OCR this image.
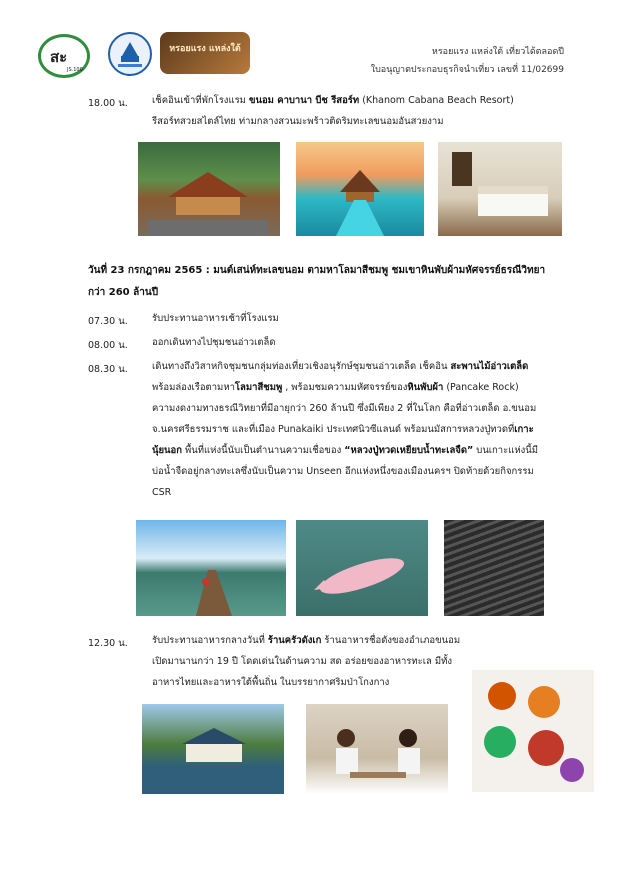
สะ
JS.100
หรอยแรง แหล่งใต้	หรอยแรง แหล่งใต้ เที่ยวได้ตลอดปี
ใบอนุญาตประกอบธุรกิจนำเที่ยว เลขที่ 11/02699
18.00 น.	เช็คอินเข้าที่พักโรงแรม ขนอม คาบานา บีช รีสอร์ท (Khanom Cabana Beach Resort) รีสอร์ทสวยสไตล์ไทย ท่ามกลางสวนมะพร้าวติดริมทะเลขนอมอันสวยงาม
วันที่ 23 กรกฎาคม 2565 : มนต์เสน่ห์ทะเลขนอม ตามหาโลมาสีชมพู ชมเขาหินพับผ้ามหัศจรรย์ธรณีวิทยากว่า 260 ล้านปี
07.30 น.	รับประทานอาหารเช้าที่โรงแรม
08.00 น.	ออกเดินทางไปชุมชนอ่าวเตล็ด
08.30 น.	เดินทางถึงวิสาหกิจชุมชนกลุ่มท่องเที่ยวเชิงอนุรักษ์ชุมชนอ่าวเตล็ด เช็คอิน สะพานไม้อ่าวเตล็ด พร้อมล่องเรือตามหาโลมาสีชมพู , พร้อมชมความมหัศจรรย์ของหินพับผ้า (Pancake Rock) ความงดงามทางธรณีวิทยาที่มีอายุกว่า 260 ล้านปี ซึ่งมีเพียง 2 ที่ในโลก คือที่อ่าวเตล็ด อ.ขนอม จ.นครศรีธรรมราช และที่เมือง Punakaiki ประเทศนิวซีแลนด์ พร้อมนมัสการหลวงปู่ทวดที่เกาะนุ้ยนอก พื้นที่แห่งนี้นับเป็นตำนานความเชื่อของ “หลวงปู่ทวดเหยียบน้ำทะเลจืด” บนเกาะแห่งนี้มีบ่อน้ำจืดอยู่กลางทะเลซึ่งนับเป็นความ Unseen อีกแห่งหนึ่งของเมืองนครฯ ปิดท้ายด้วยกิจกรรม CSR
12.30 น.	รับประทานอาหารกลางวันที่ ร้านครัวดังเก ร้านอาหารชื่อดังของอำเภอขนอม เปิดมานานกว่า 19 ปี โดดเด่นในด้านความ สด อร่อยของอาหารทะเล มีทั้งอาหารไทยและอาหารใต้พื้นถิ่น ในบรรยากาศริมป่าโกงกาง
